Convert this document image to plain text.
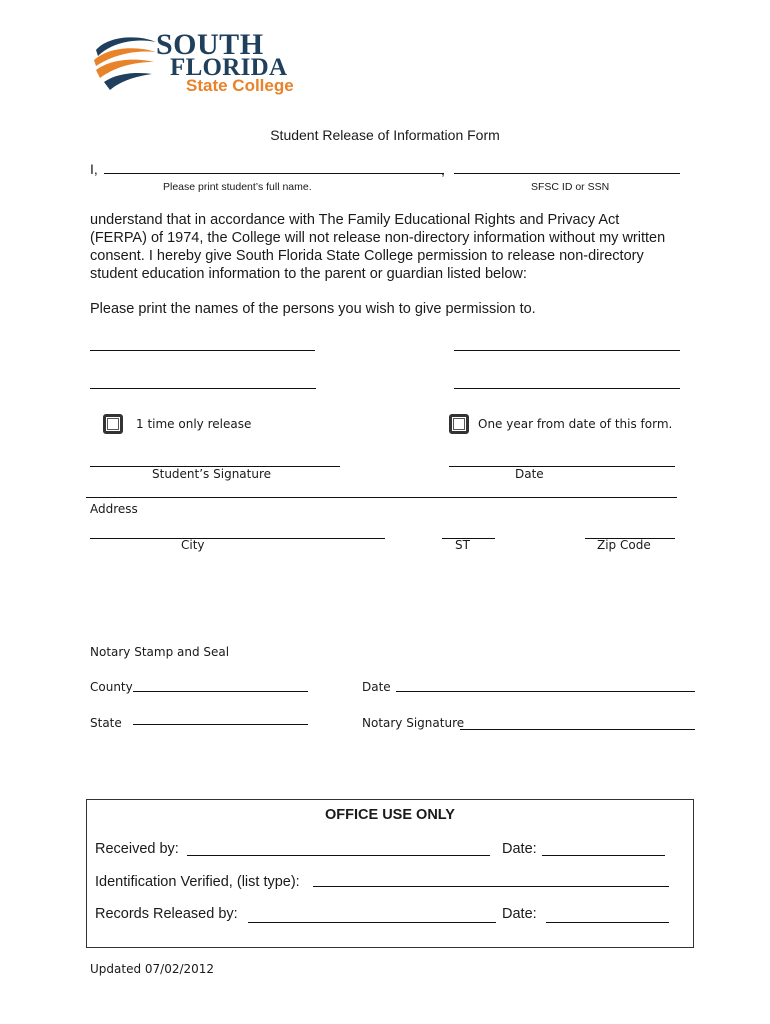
SOUTH
FLORIDA
State College
Student Release of Information Form
I,	,
Please print student’s full name.	SFSC ID or SSN
understand that in accordance with The Family Educational Rights and Privacy Act (FERPA) of 1974, the College will not release non-directory information without my written consent. I hereby give South Florida State College permission to release non-directory student education information to the parent or guardian listed below:
Please print the names of the persons you wish to give permission to.
1 time only release	One year from date of this form.
Student’s Signature	Date
Address
City	ST	Zip Code
Notary Stamp and Seal
County	Date
State	Notary Signature
OFFICE USE ONLY
Received by:	Date:
Identification Verified, (list type):
Records Released by:	Date:
Updated 07/02/2012
